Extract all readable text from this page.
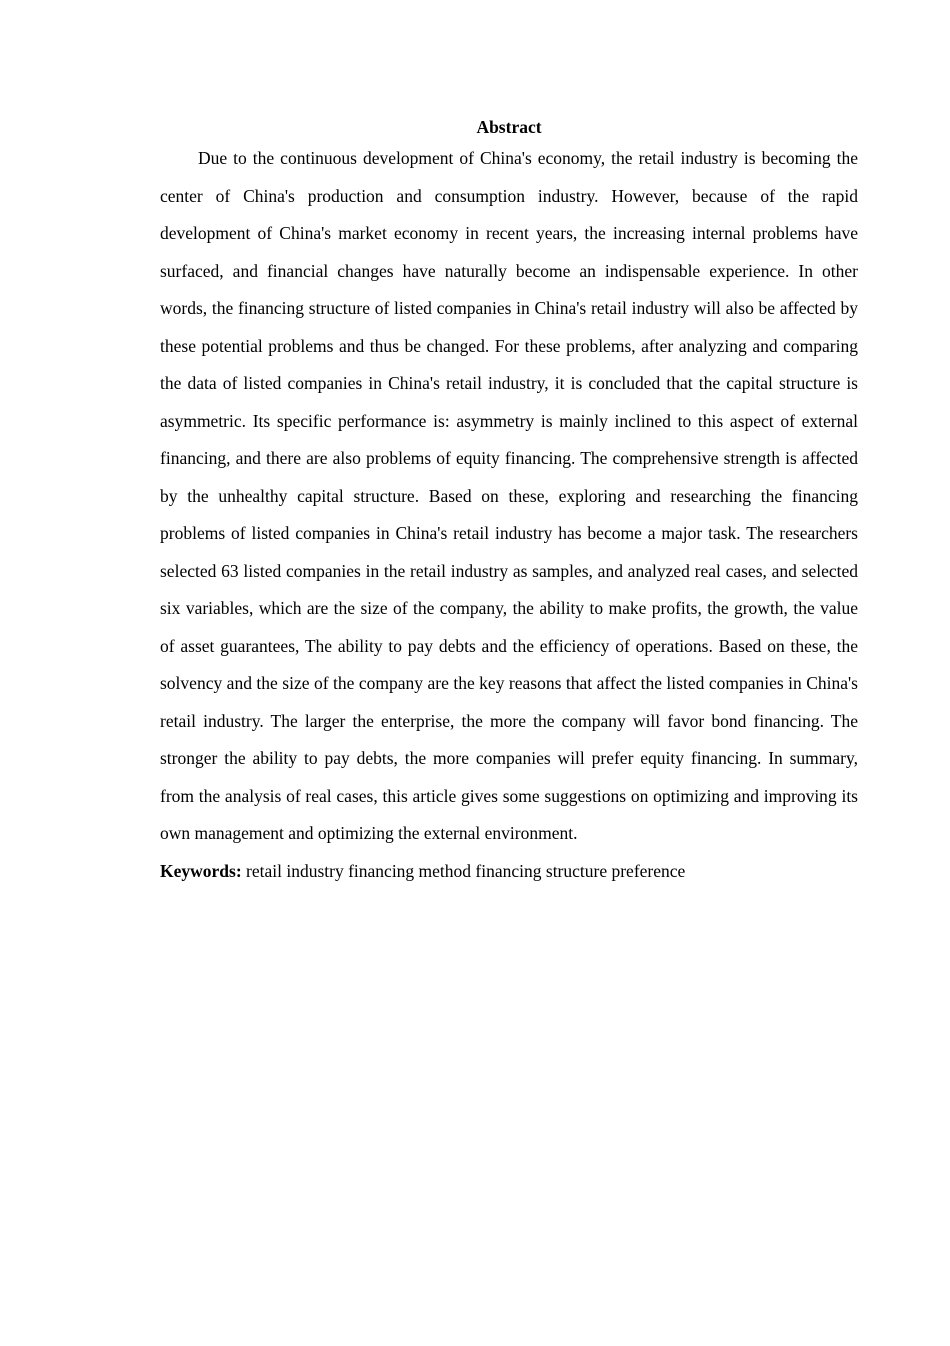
Abstract

Due to the continuous development of China's economy, the retail industry is becoming the center of China's production and consumption industry. However, because of the rapid development of China's market economy in recent years, the increasing internal problems have surfaced, and financial changes have naturally become an indispensable experience. In other words, the financing structure of listed companies in China's retail industry will also be affected by these potential problems and thus be changed. For these problems, after analyzing and comparing the data of listed companies in China's retail industry, it is concluded that the capital structure is asymmetric. Its specific performance is: asymmetry is mainly inclined to this aspect of external financing, and there are also problems of equity financing. The comprehensive strength is affected by the unhealthy capital structure. Based on these, exploring and researching the financing problems of listed companies in China's retail industry has become a major task. The researchers selected 63 listed companies in the retail industry as samples, and analyzed real cases, and selected six variables, which are the size of the company, the ability to make profits, the growth, the value of asset guarantees, The ability to pay debts and the efficiency of operations. Based on these, the solvency and the size of the company are the key reasons that affect the listed companies in China's retail industry. The larger the enterprise, the more the company will favor bond financing. The stronger the ability to pay debts, the more companies will prefer equity financing. In summary, from the analysis of real cases, this article gives some suggestions on optimizing and improving its own management and optimizing the external environment.

Keywords: retail industry financing method financing structure preference
